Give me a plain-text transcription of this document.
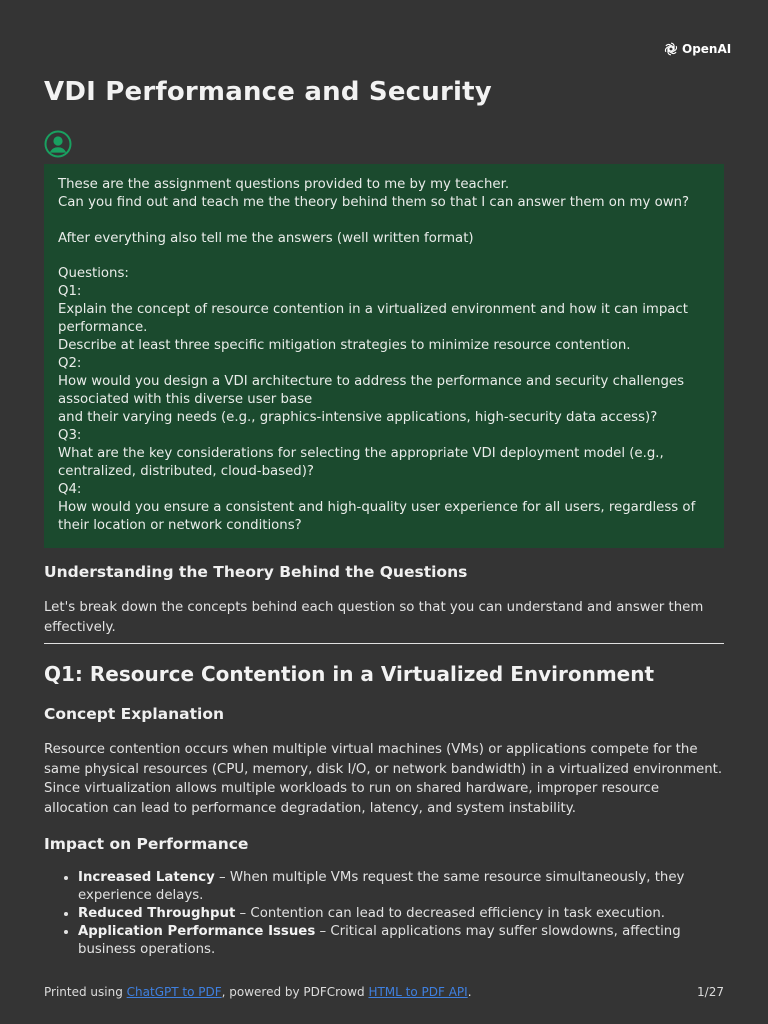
OpenAI
VDI Performance and Security
These are the assignment questions provided to me by my teacher.
Can you find out and teach me the theory behind them so that I can answer them on my own?
After everything also tell me the answers (well written format)
Questions:
Q1:
Explain the concept of resource contention in a virtualized environment and how it can impact performance.
Describe at least three specific mitigation strategies to minimize resource contention.
Q2:
How would you design a VDI architecture to address the performance and security challenges associated with this diverse user base
and their varying needs (e.g., graphics-intensive applications, high-security data access)?
Q3:
What are the key considerations for selecting the appropriate VDI deployment model (e.g., centralized, distributed, cloud-based)?
Q4:
How would you ensure a consistent and high-quality user experience for all users, regardless of their location or network conditions?
Understanding the Theory Behind the Questions

Let's break down the concepts behind each question so that you can understand and answer them effectively.

Q1: Resource Contention in a Virtualized Environment
Concept Explanation

Resource contention occurs when multiple virtual machines (VMs) or applications compete for the same physical resources (CPU, memory, disk I/O, or network bandwidth) in a virtualized environment. Since virtualization allows multiple workloads to run on shared hardware, improper resource allocation can lead to performance degradation, latency, and system instability.

Impact on Performance
• Increased Latency – When multiple VMs request the same resource simultaneously, they experience delays.
• Reduced Throughput – Contention can lead to decreased efficiency in task execution.
• Application Performance Issues – Critical applications may suffer slowdowns, affecting business operations.
Printed using ChatGPT to PDF, powered by PDFCrowd HTML to PDF API.	1/27
